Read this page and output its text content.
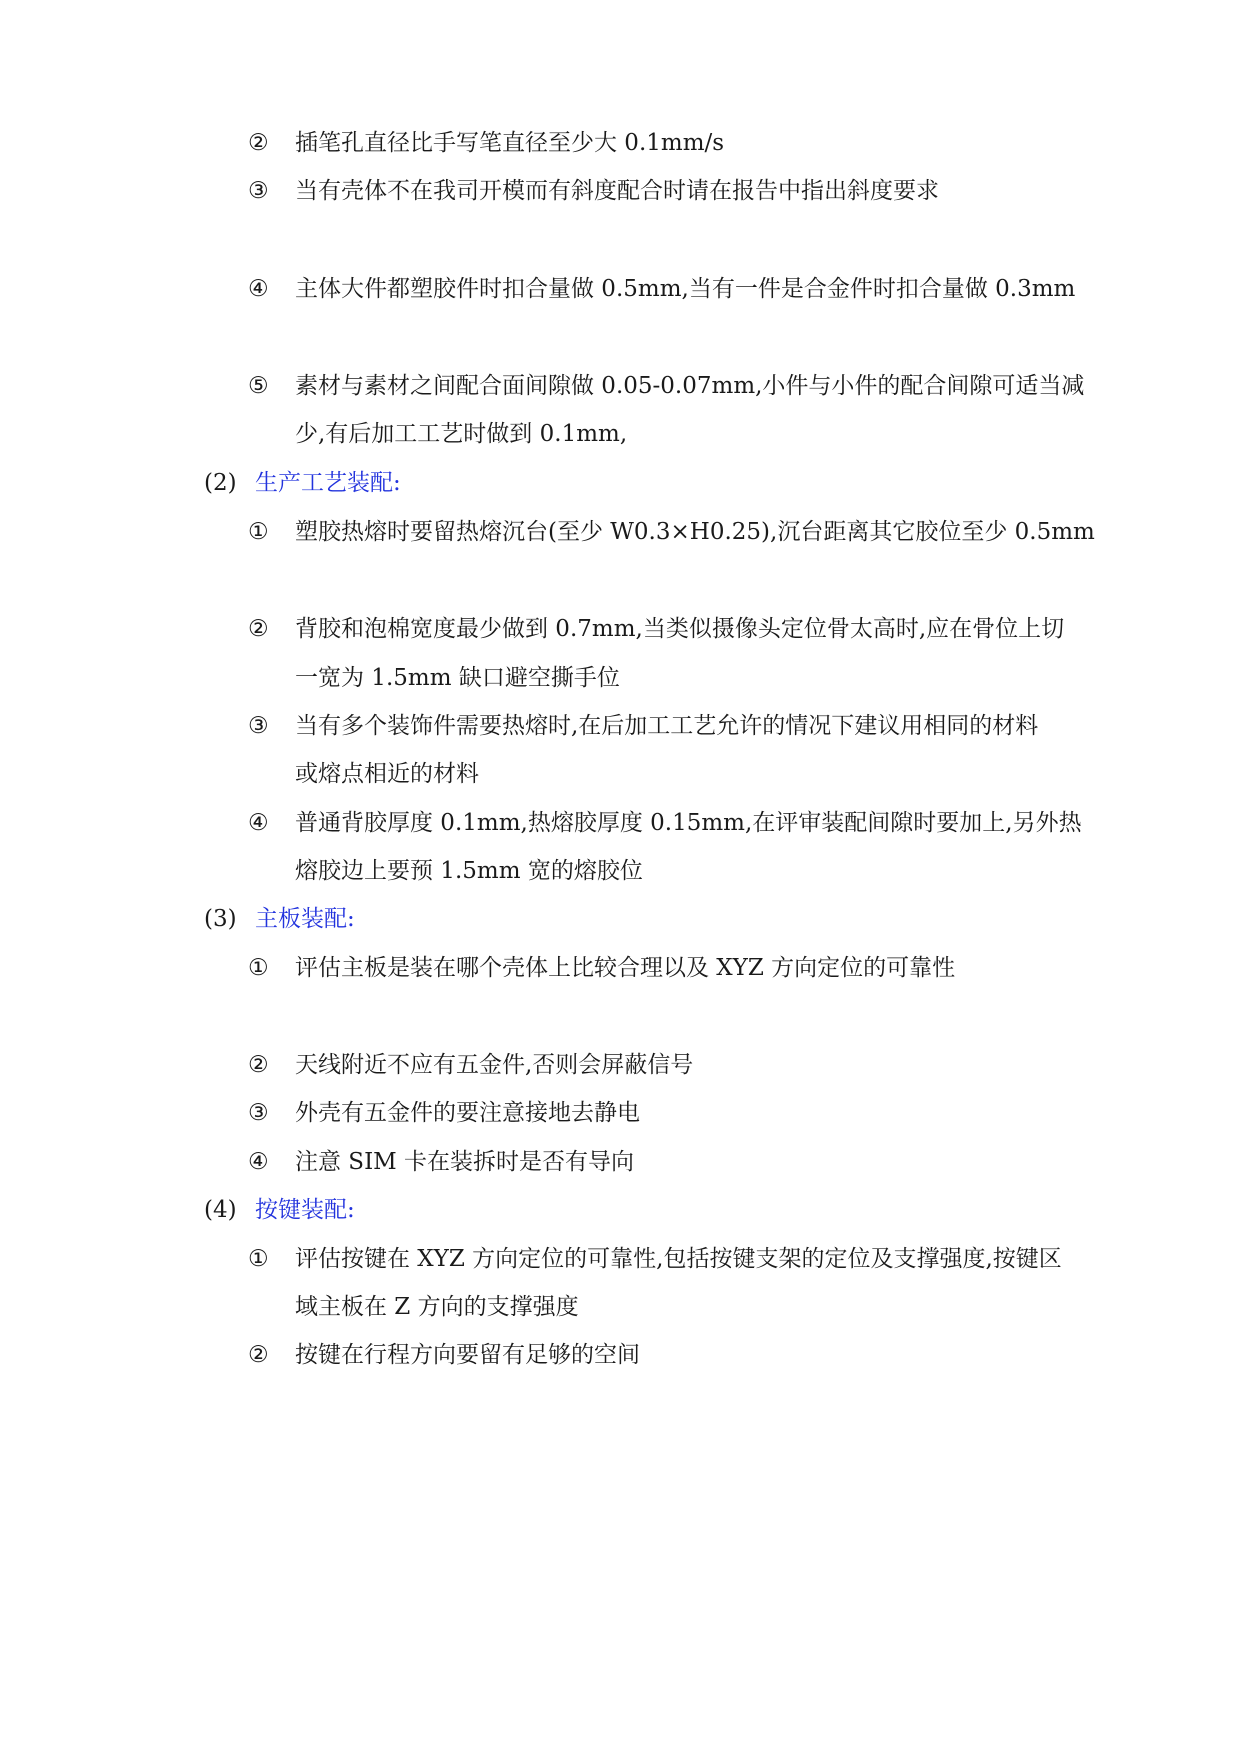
②	插笔孔直径比手写笔直径至少大 0.1mm/s
③	当有壳体不在我司开模而有斜度配合时请在报告中指出斜度要求
④	主体大件都塑胶件时扣合量做 0.5mm,当有一件是合金件时扣合量做 0.3mm
⑤	素材与素材之间配合面间隙做 0.05-0.07mm,小件与小件的配合间隙可适当减
少,有后加工工艺时做到 0.1mm,
(2) 生产工艺装配:
①	塑胶热熔时要留热熔沉台(至少 W0.3×H0.25),沉台距离其它胶位至少 0.5mm
②	背胶和泡棉宽度最少做到 0.7mm,当类似摄像头定位骨太高时,应在骨位上切
一宽为 1.5mm 缺口避空撕手位
③	当有多个装饰件需要热熔时,在后加工工艺允许的情况下建议用相同的材料
或熔点相近的材料
④	普通背胶厚度 0.1mm,热熔胶厚度 0.15mm,在评审装配间隙时要加上,另外热
熔胶边上要预 1.5mm 宽的熔胶位
(3) 主板装配:
①	评估主板是装在哪个壳体上比较合理以及 XYZ 方向定位的可靠性
②	天线附近不应有五金件,否则会屏蔽信号
③	外壳有五金件的要注意接地去静电
④	注意 SIM 卡在装拆时是否有导向
(4) 按键装配:
①	评估按键在 XYZ 方向定位的可靠性,包括按键支架的定位及支撑强度,按键区
域主板在 Z 方向的支撑强度
②	按键在行程方向要留有足够的空间
